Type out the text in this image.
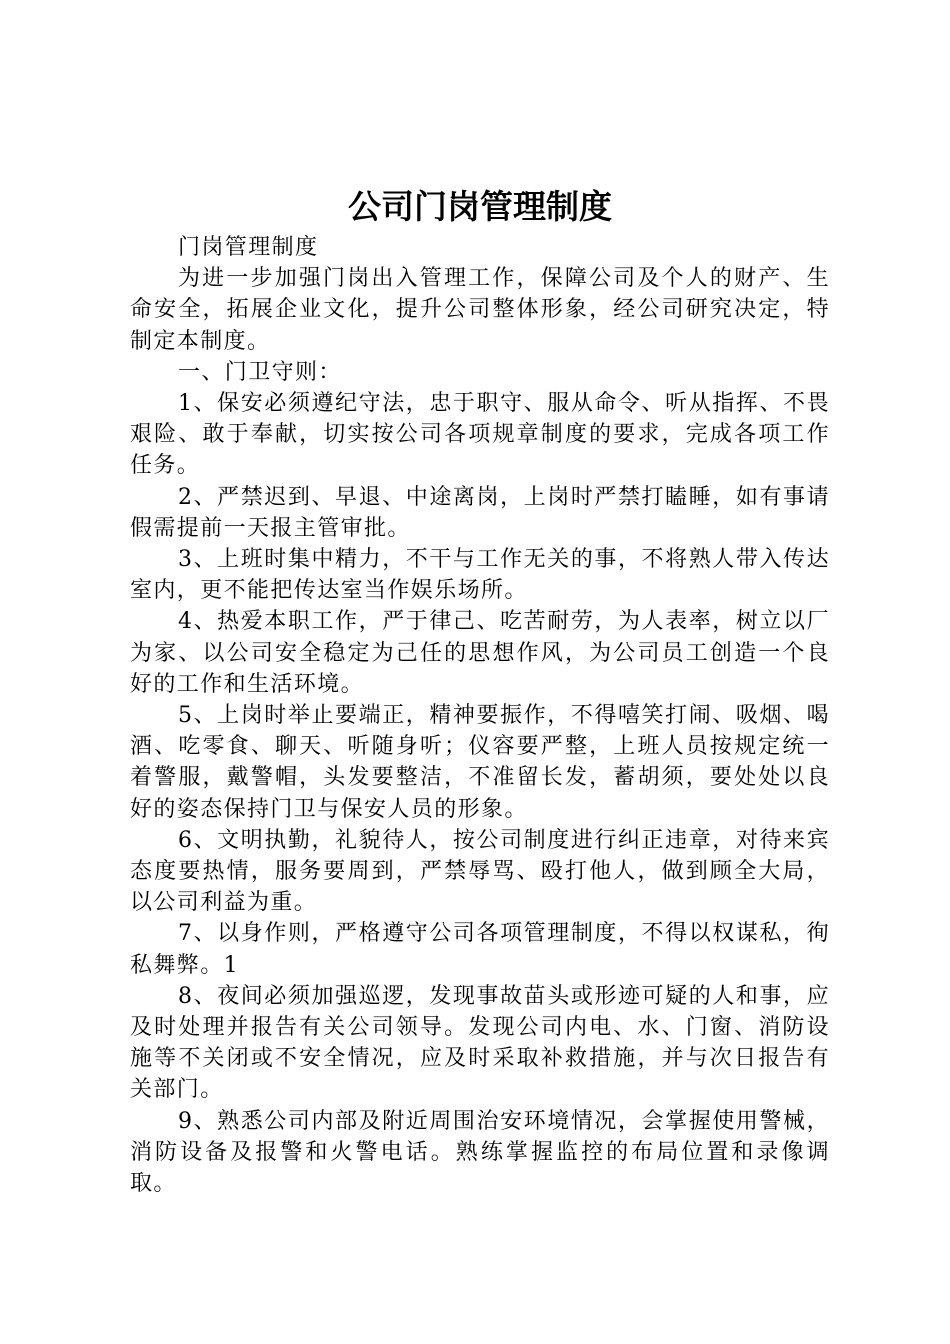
公司门岗管理制度

门岗管理制度

为进一步加强门岗出入管理工作，保障公司及个人的财产、生命安全，拓展企业文化，提升公司整体形象，经公司研究决定，特制定本制度。

一、门卫守则：

1、保安必须遵纪守法，忠于职守、服从命令、听从指挥、不畏艰险、敢于奉献，切实按公司各项规章制度的要求，完成各项工作任务。

2、严禁迟到、早退、中途离岗，上岗时严禁打瞌睡，如有事请假需提前一天报主管审批。

3、上班时集中精力，不干与工作无关的事，不将熟人带入传达室内，更不能把传达室当作娱乐场所。

4、热爱本职工作，严于律己、吃苦耐劳，为人表率，树立以厂为家、以公司安全稳定为己任的思想作风，为公司员工创造一个良好的工作和生活环境。

5、上岗时举止要端正，精神要振作，不得嘻笑打闹、吸烟、喝酒、吃零食、聊天、听随身听；仪容要严整，上班人员按规定统一着警服，戴警帽，头发要整洁，不准留长发，蓄胡须，要处处以良好的姿态保持门卫与保安人员的形象。

6、文明执勤，礼貌待人，按公司制度进行纠正违章，对待来宾态度要热情，服务要周到，严禁辱骂、殴打他人，做到顾全大局，以公司利益为重。

7、以身作则，严格遵守公司各项管理制度，不得以权谋私，徇私舞弊。1

8、夜间必须加强巡逻，发现事故苗头或形迹可疑的人和事，应及时处理并报告有关公司领导。发现公司内电、水、门窗、消防设施等不关闭或不安全情况，应及时采取补救措施，并与次日报告有关部门。

9、熟悉公司内部及附近周围治安环境情况，会掌握使用警械，消防设备及报警和火警电话。熟练掌握监控的布局位置和录像调取。
